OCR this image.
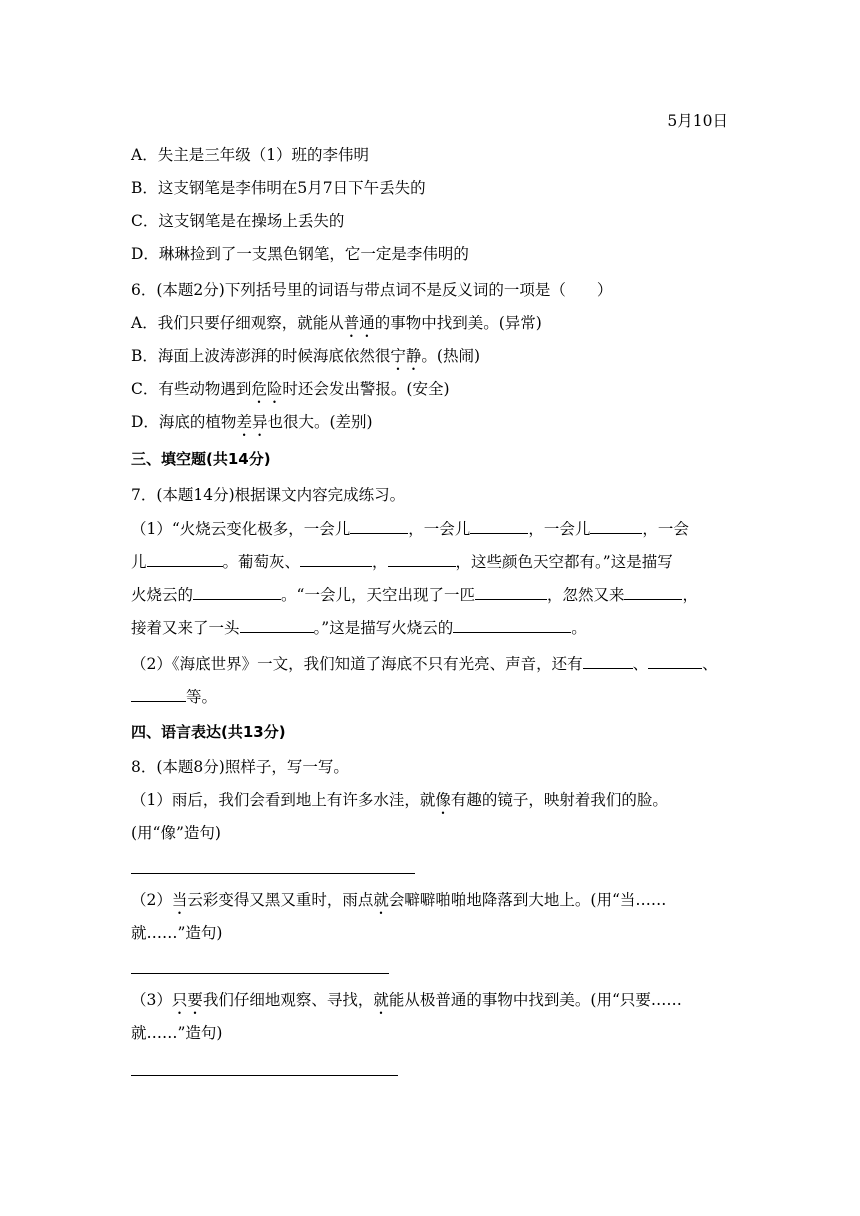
5月10日
A．失主是三年级（1）班的李伟明
B．这支钢笔是李伟明在5月7日下午丢失的
C．这支钢笔是在操场上丢失的
D．琳琳捡到了一支黑色钢笔，它一定是李伟明的
6．(本题2分)下列括号里的词语与带点词不是反义词的一项是（　　）
A．我们只要仔细观察，就能从普通的事物中找到美。(异常)
B．海面上波涛澎湃的时候海底依然很宁静。(热闹)
C．有些动物遇到危险时还会发出警报。(安全)
D．海底的植物差异也很大。(差别)
三、填空题(共14分)
7．(本题14分)根据课文内容完成练习。
（1）“火烧云变化极多，一会儿	，一会儿	，一会儿	，一会
儿	。葡萄灰、	，	，这些颜色天空都有。”这是描写
火烧云的	。“一会儿，天空出现了一匹	，忽然又来	，
接着又来了一头	。”这是描写火烧云的	。
（2）《海底世界》一文，我们知道了海底不只有光亮、声音，还有	、	、
等。
四、语言表达(共13分)
8．(本题8分)照样子，写一写。
（1）雨后，我们会看到地上有许多水洼，就像有趣的镜子，映射着我们的脸。
(用“像”造句)
（2）当云彩变得又黑又重时，雨点就会噼噼啪啪地降落到大地上。(用“当……
就……”造句)
（3）只要我们仔细地观察、寻找，就能从极普通的事物中找到美。(用“只要……
就……”造句)
